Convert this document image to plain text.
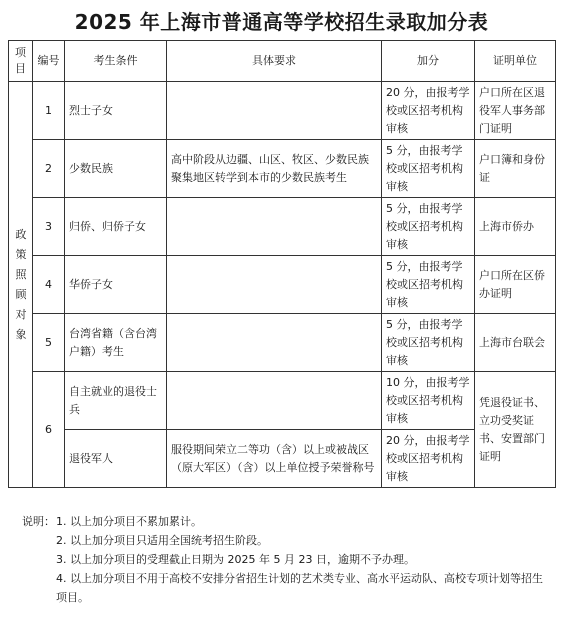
2025 年上海市普通高等学校招生录取加分表
项目	编号	考生条件	具体要求	加分	证明单位

政策照顾对象	1	烈士子女		20 分，由报考学校或区招考机构审核	户口所在区退役军人事务部门证明
	2	少数民族	高中阶段从边疆、山区、牧区、少数民族聚集地区转学到本市的少数民族考生	5 分，由报考学校或区招考机构审核	户口簿和身份证
	3	归侨、归侨子女		5 分，由报考学校或区招考机构审核	上海市侨办
	4	华侨子女		5 分，由报考学校或区招考机构审核	户口所在区侨办证明
	5	台湾省籍（含台湾户籍）考生		5 分，由报考学校或区招考机构审核	上海市台联会
	6	自主就业的退役士兵		10 分，由报考学校或区招考机构审核	凭退役证书、立功受奖证书、安置部门证明
		退役军人	服役期间荣立二等功（含）以上或被战区（原大军区）（含）以上单位授予荣誉称号	20 分，由报考学校或区招考机构审核	
说明： 1. 以上加分项目不累加累计。
2. 以上加分项目只适用全国统考招生阶段。
3. 以上加分项目的受理截止日期为 2025 年 5 月 23 日，逾期不予办理。
4. 以上加分项目不用于高校不安排分省招生计划的艺术类专业、高水平运动队、高校专项计划等招生项目。
